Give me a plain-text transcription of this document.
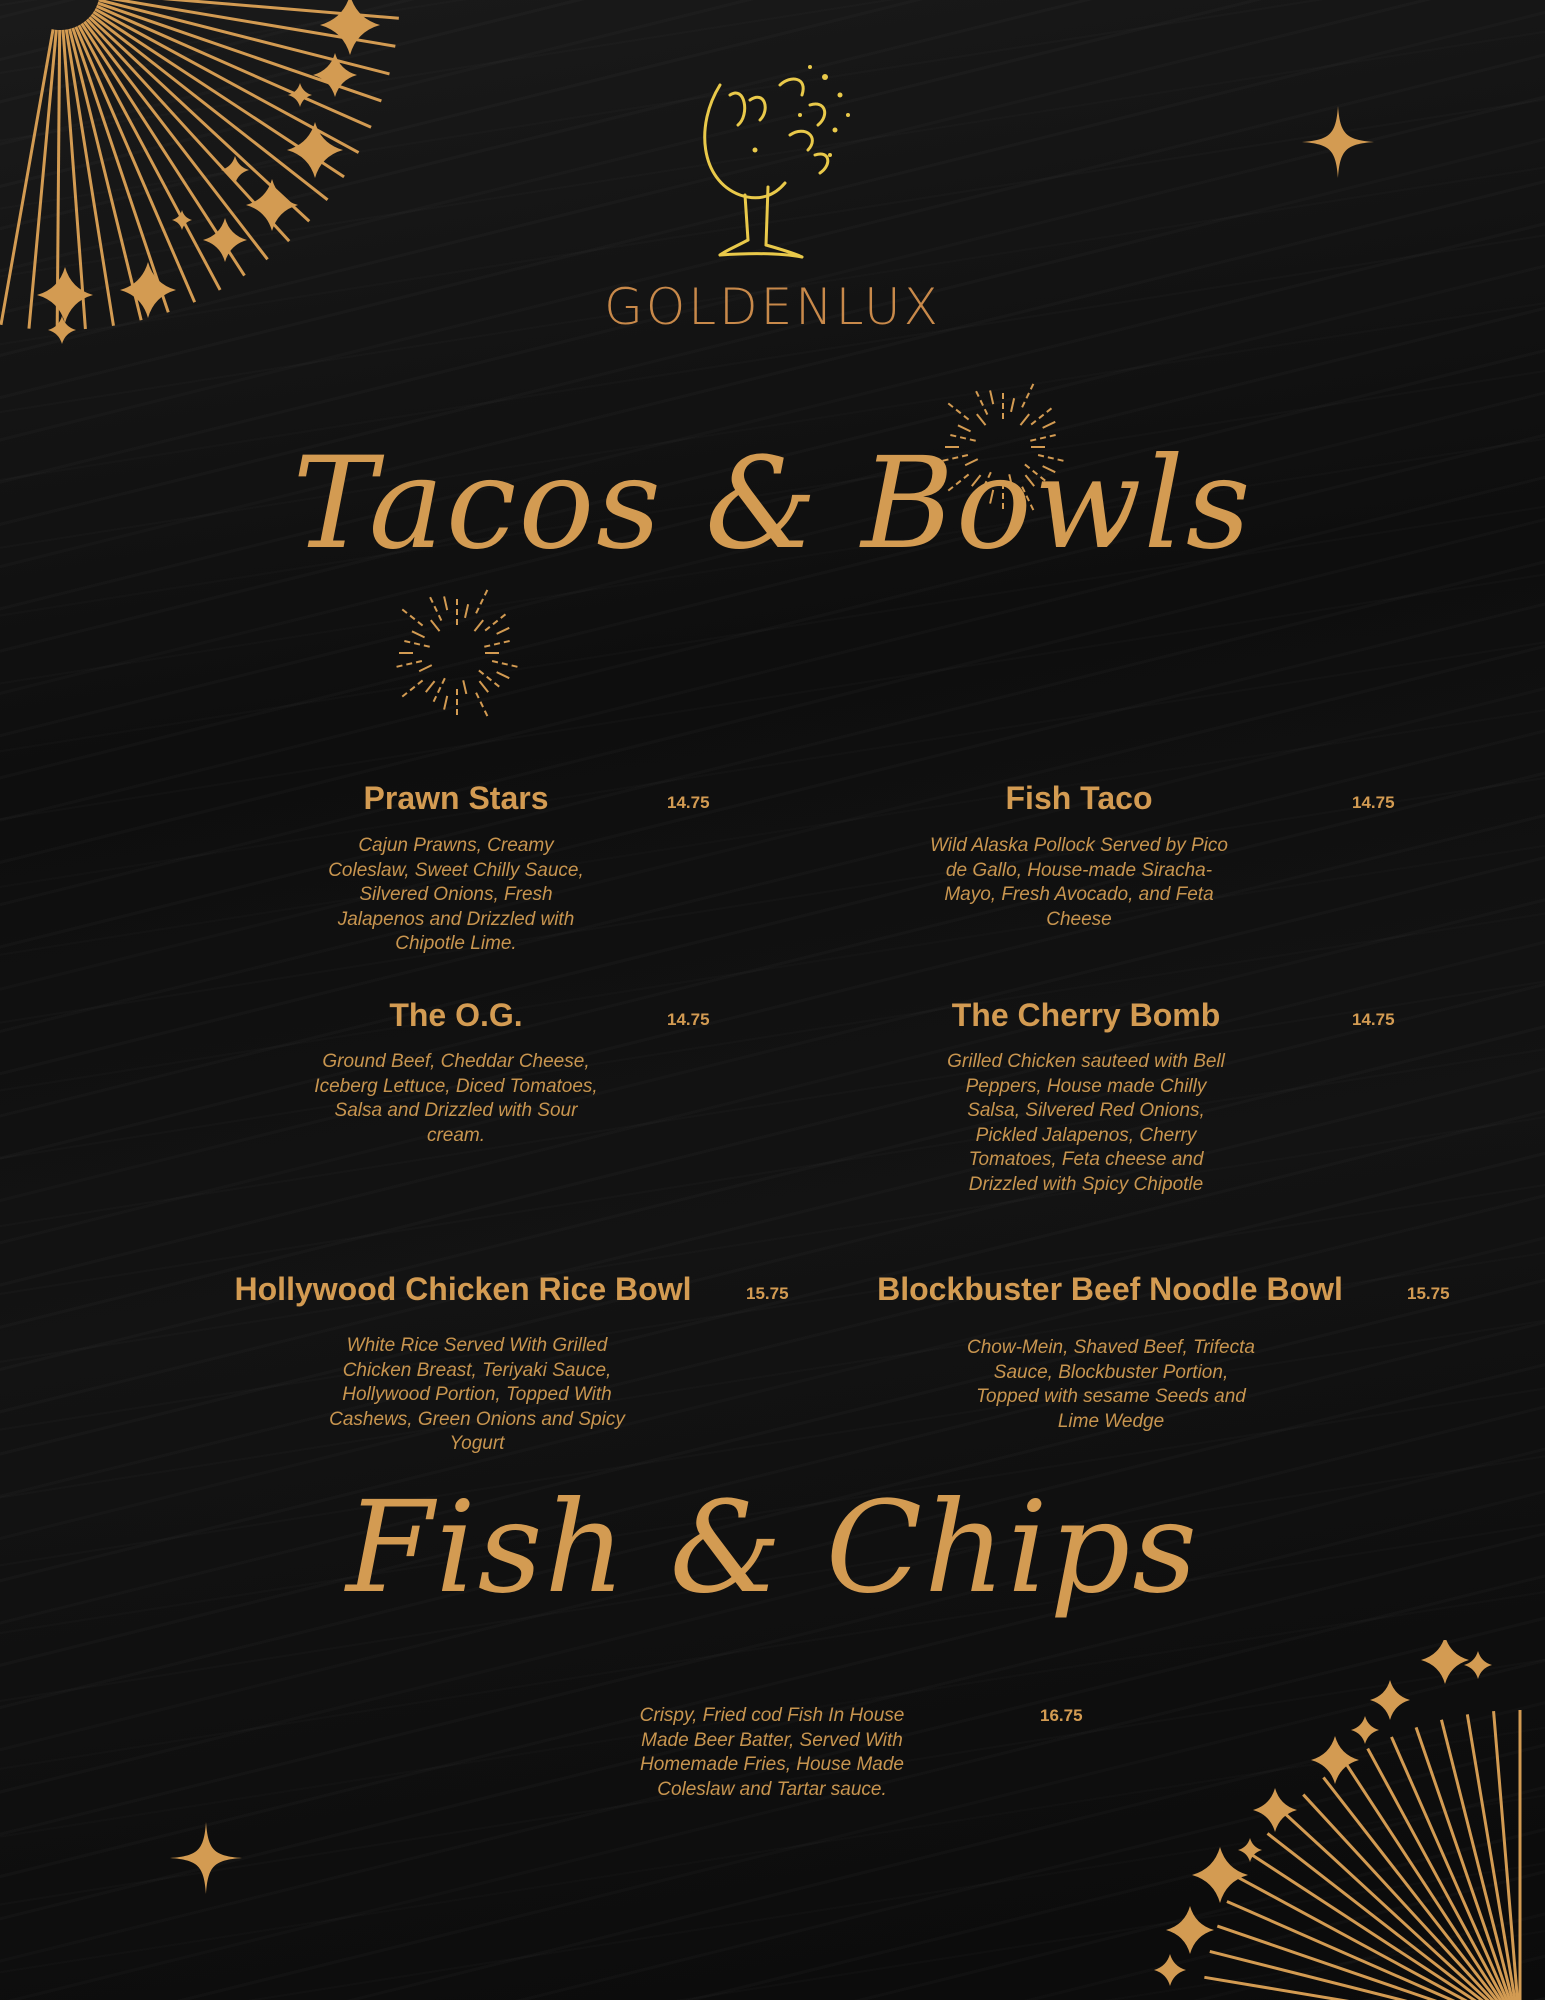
GOLDENLUX
Tacos & Bowls
Prawn Stars	14.75
Cajun Prawns, Creamy Coleslaw, Sweet Chilly Sauce, Silvered Onions, Fresh Jalapenos and Drizzled with Chipotle Lime.
Fish Taco	14.75
Wild Alaska Pollock Served by Pico de Gallo, House-made Siracha-Mayo, Fresh Avocado, and Feta Cheese
The O.G.	14.75
Ground Beef, Cheddar Cheese, Iceberg Lettuce, Diced Tomatoes, Salsa and Drizzled with Sour cream.
The Cherry Bomb	14.75
Grilled Chicken sauteed with Bell Peppers, House made Chilly Salsa, Silvered Red Onions, Pickled Jalapenos, Cherry Tomatoes, Feta cheese and Drizzled with Spicy Chipotle
Hollywood Chicken Rice Bowl	15.75
White Rice Served With Grilled Chicken Breast, Teriyaki Sauce, Hollywood Portion, Topped With Cashews, Green Onions and Spicy Yogurt
Blockbuster Beef Noodle Bowl	15.75
Chow-Mein, Shaved Beef, Trifecta Sauce, Blockbuster Portion, Topped with sesame Seeds and Lime Wedge
Fish & Chips
16.75
Crispy, Fried cod Fish In House Made Beer Batter, Served With Homemade Fries, House Made Coleslaw and Tartar sauce.
